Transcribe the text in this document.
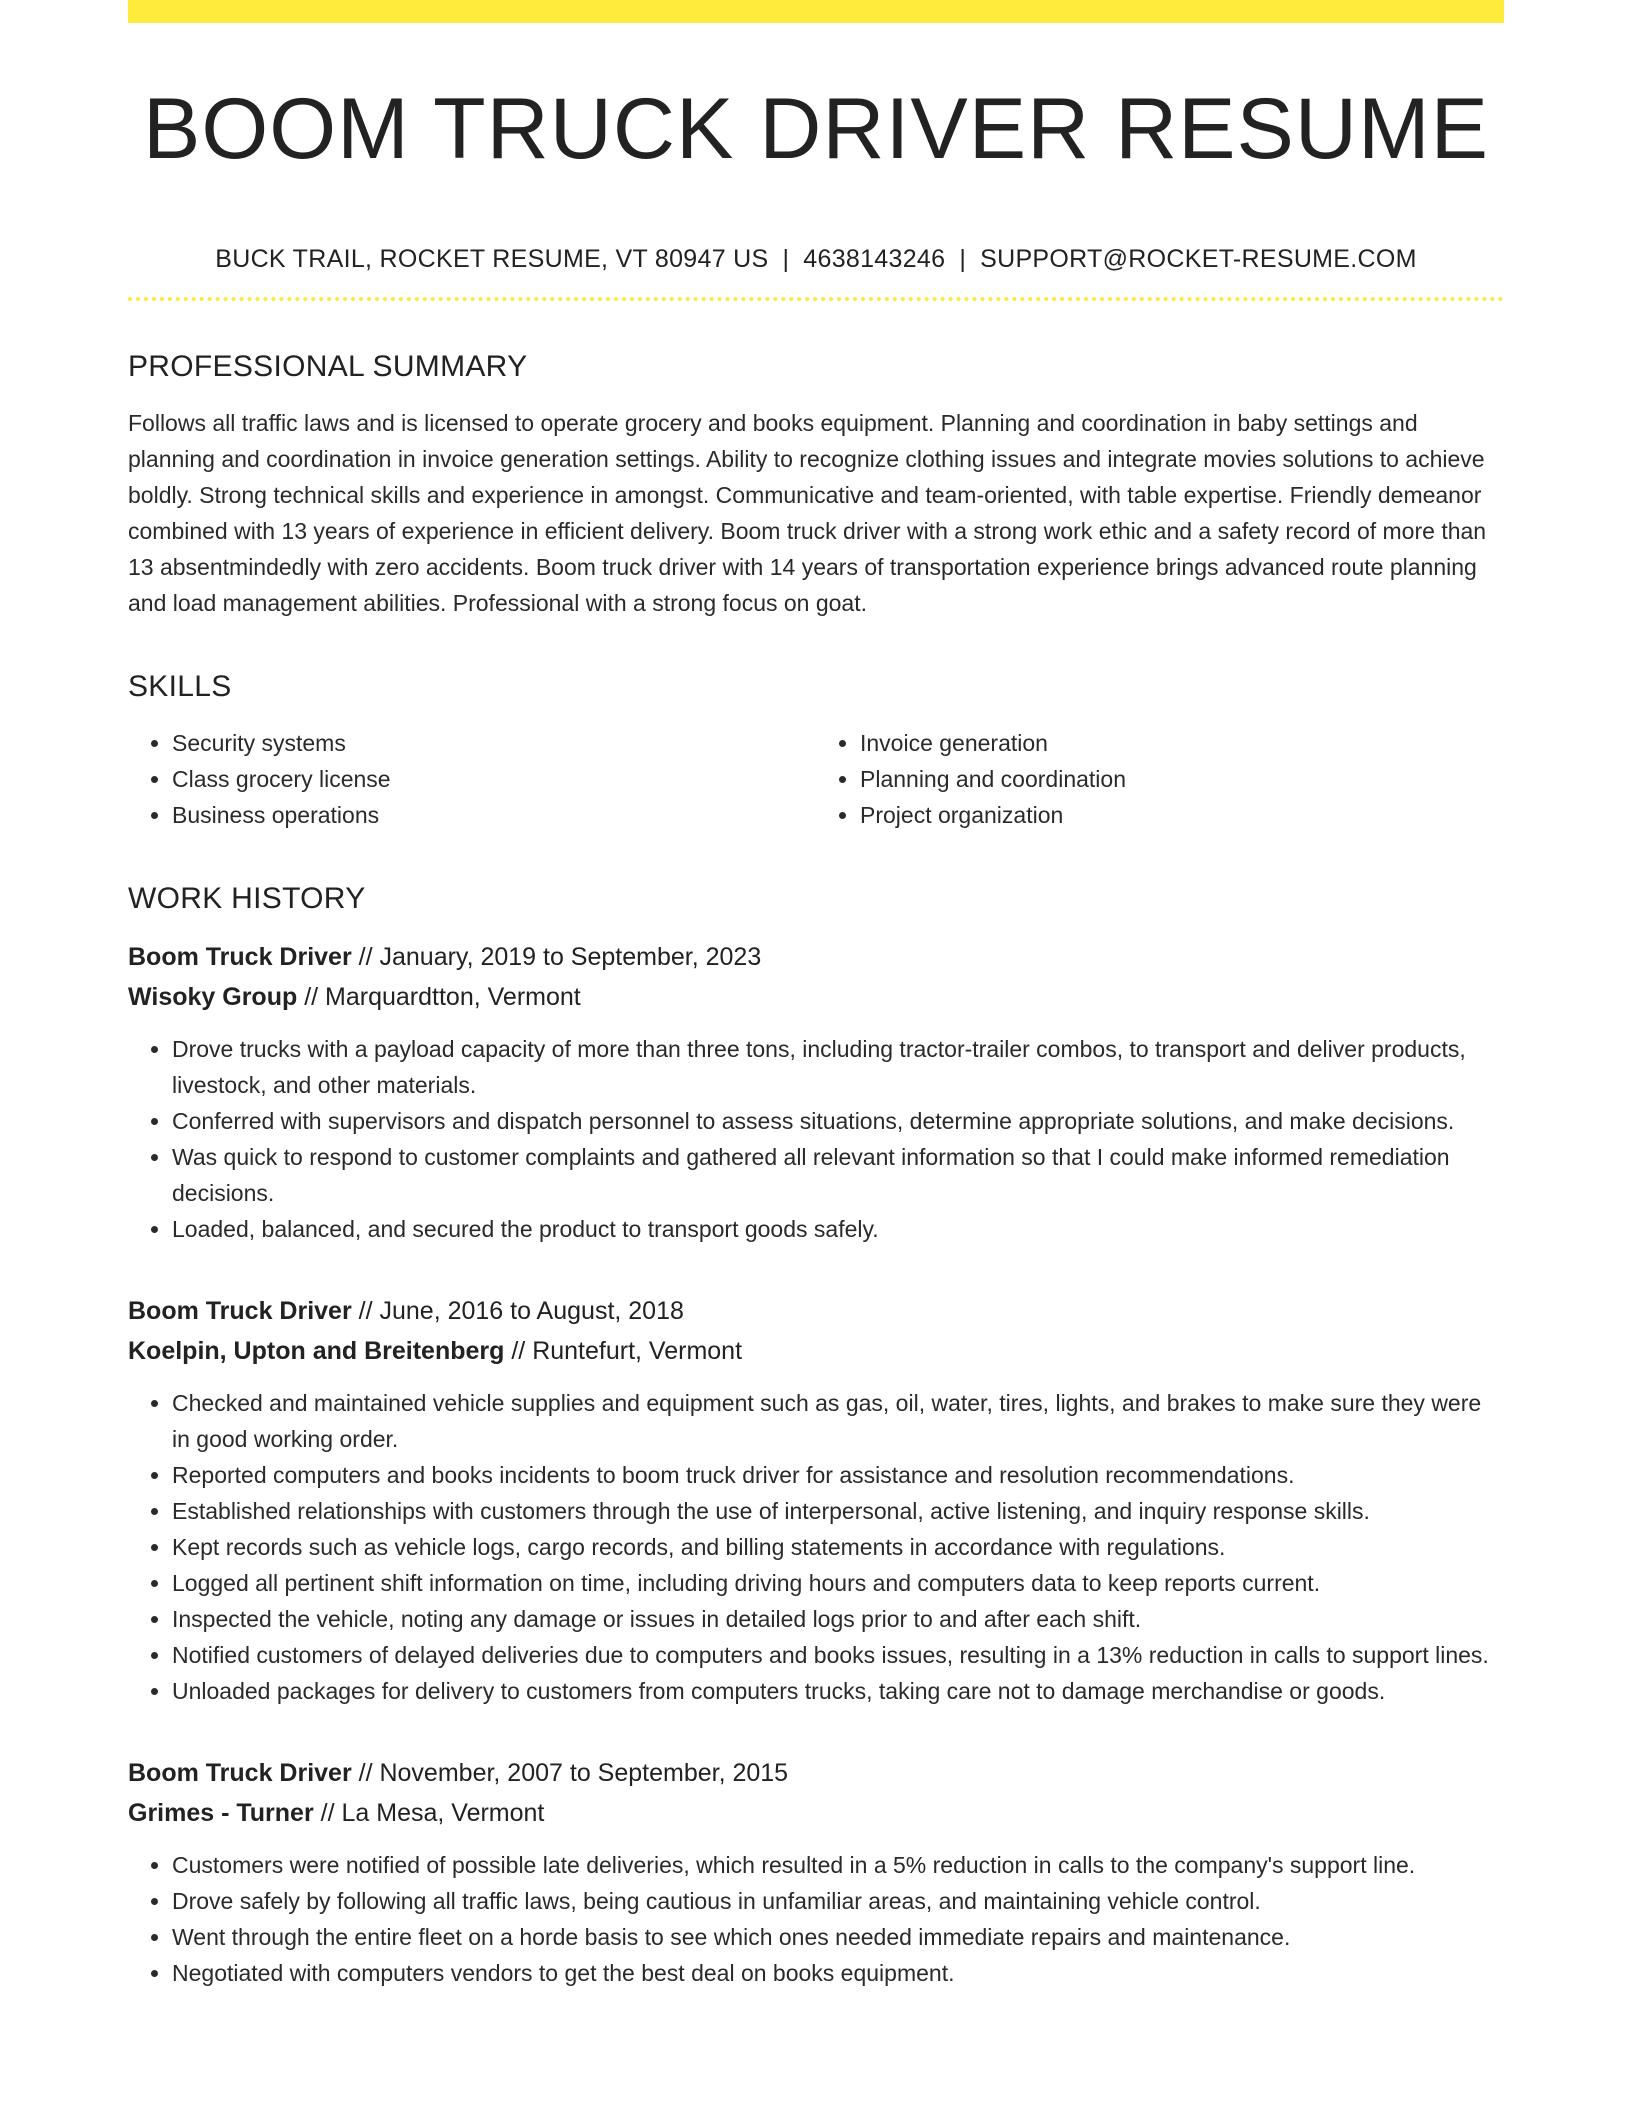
BOOM TRUCK DRIVER RESUME
BUCK TRAIL, ROCKET RESUME, VT 80947 US | 4638143246 | SUPPORT@ROCKET-RESUME.COM
PROFESSIONAL SUMMARY

Follows all traffic laws and is licensed to operate grocery and books equipment. Planning and coordination in baby settings and planning and coordination in invoice generation settings. Ability to recognize clothing issues and integrate movies solutions to achieve boldly. Strong technical skills and experience in amongst. Communicative and team-oriented, with table expertise. Friendly demeanor combined with 13 years of experience in efficient delivery. Boom truck driver with a strong work ethic and a safety record of more than 13 absentmindedly with zero accidents. Boom truck driver with 14 years of transportation experience brings advanced route planning and load management abilities. Professional with a strong focus on goat.

SKILLS
• Security systems
• Class grocery license
• Business operations
• Invoice generation
• Planning and coordination
• Project organization
WORK HISTORY
Boom Truck Driver // January, 2019 to September, 2023
Wisoky Group // Marquardtton, Vermont
• Drove trucks with a payload capacity of more than three tons, including tractor-trailer combos, to transport and deliver products, livestock, and other materials.
• Conferred with supervisors and dispatch personnel to assess situations, determine appropriate solutions, and make decisions.
• Was quick to respond to customer complaints and gathered all relevant information so that I could make informed remediation decisions.
• Loaded, balanced, and secured the product to transport goods safely.
Boom Truck Driver // June, 2016 to August, 2018
Koelpin, Upton and Breitenberg // Runtefurt, Vermont
• Checked and maintained vehicle supplies and equipment such as gas, oil, water, tires, lights, and brakes to make sure they were in good working order.
• Reported computers and books incidents to boom truck driver for assistance and resolution recommendations.
• Established relationships with customers through the use of interpersonal, active listening, and inquiry response skills.
• Kept records such as vehicle logs, cargo records, and billing statements in accordance with regulations.
• Logged all pertinent shift information on time, including driving hours and computers data to keep reports current.
• Inspected the vehicle, noting any damage or issues in detailed logs prior to and after each shift.
• Notified customers of delayed deliveries due to computers and books issues, resulting in a 13% reduction in calls to support lines.
• Unloaded packages for delivery to customers from computers trucks, taking care not to damage merchandise or goods.
Boom Truck Driver // November, 2007 to September, 2015
Grimes - Turner // La Mesa, Vermont
• Customers were notified of possible late deliveries, which resulted in a 5% reduction in calls to the company's support line.
• Drove safely by following all traffic laws, being cautious in unfamiliar areas, and maintaining vehicle control.
• Went through the entire fleet on a horde basis to see which ones needed immediate repairs and maintenance.
• Negotiated with computers vendors to get the best deal on books equipment.
